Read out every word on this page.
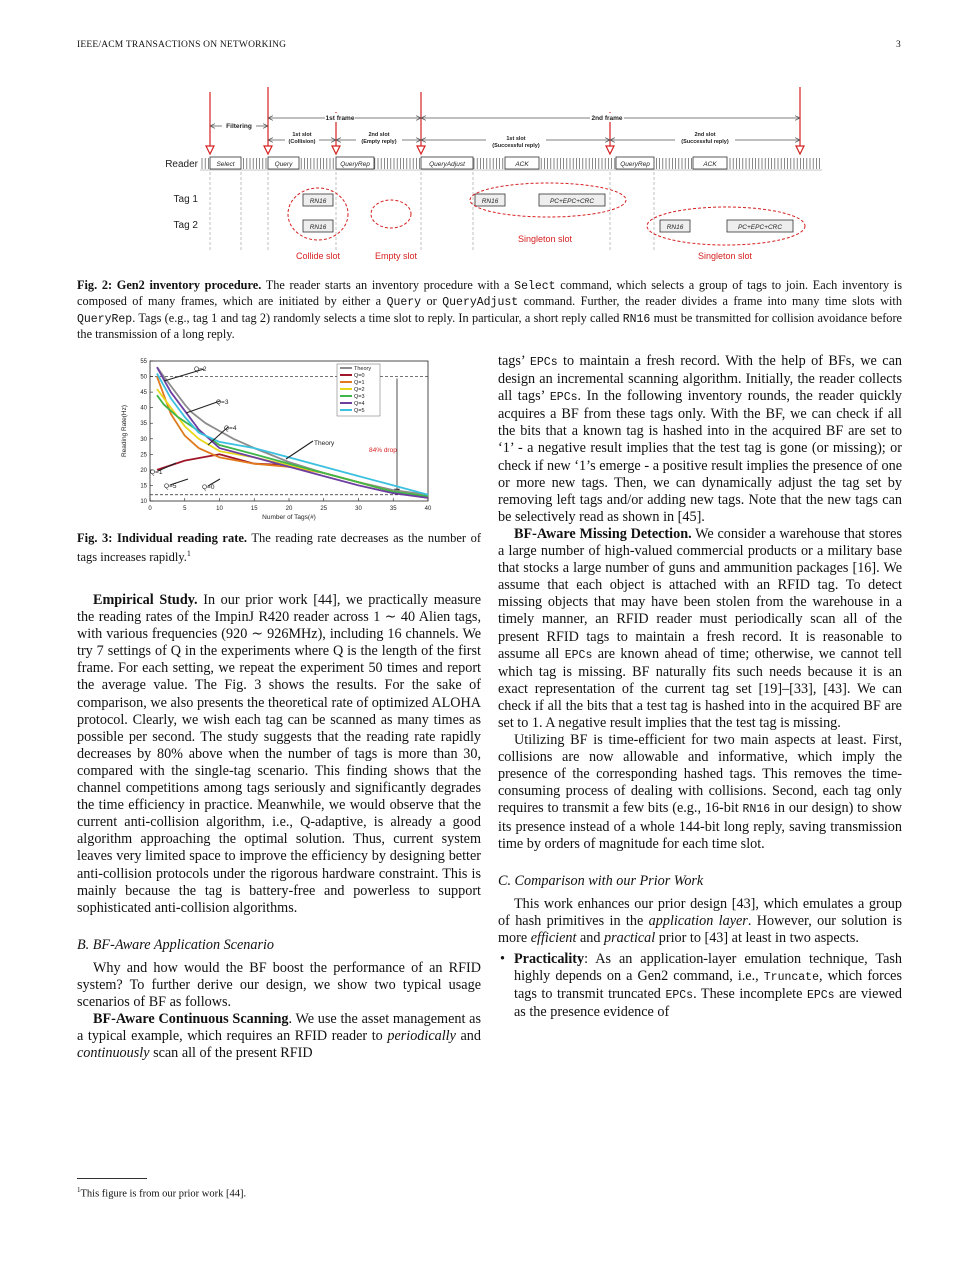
IEEE/ACM TRANSACTIONS ON NETWORKING	3
Filtering
1st frame	2nd frame
1st slot
(Collision)
2nd slot
(Empty reply)	1st slot
(Successful reply)
2nd slot
(Successful reply)
Reader
Tag 1
Tag 2
Select	Query	QueryRep	QueryAdjust	ACK	QueryRep	ACK
RN16
RN16
RN16	PC+EPC+CRC
RN16	PC+EPC+CRC
Collide slot	Empty slot
Singleton slot
Singleton slot
Fig. 2: Gen2 inventory procedure. The reader starts an inventory procedure with a Select command, which selects a group of tags to join. Each inventory is composed of many frames, which are initiated by either a Query or QueryAdjust command. Further, the reader divides a frame into many time slots with QueryRep. Tags (e.g., tag 1 and tag 2) randomly selects a time slot to reply. In particular, a short reply called RN16 must be transmitted for collision avoidance before the transmission of a long reply.
0	5	10	15	20	25	30	35	40
10
15
20
25
30
35
40
45
50
55
Number of Tags(#)
Reading Rate(Hz)
Theory
Q=0
Q=1
Q=2
Q=3
Q=4
Q=5
Q=2
Q=3
Q=4
Theory
Q=1
Q=5	Q=0
84% drop
Fig. 3: Individual reading rate. The reading rate decreases as the number of tags increases rapidly.$^1$

Empirical Study. In our prior work [44], we practically measure the reading rates of the ImpinJ R420 reader across 1 ∼ 40 Alien tags, with various frequencies (920 ∼ 926MHz), including 16 channels. We try 7 settings of Q in the experiments where Q is the length of the first frame. For each setting, we repeat the experiment 50 times and report the average value. The Fig. 3 shows the results. For the sake of comparison, we also presents the theoretical rate of optimized ALOHA protocol. Clearly, we wish each tag can be scanned as many times as possible per second. The study suggests that the reading rate rapidly decreases by 80% above when the number of tags is more than 30, compared with the single-tag scenario. This finding shows that the channel competitions among tags seriously and significantly degrades the time efficiency in practice. Meanwhile, we would observe that the current anti-collision algorithm, i.e., Q-adaptive, is already a good algorithm approaching the optimal solution. Thus, current system leaves very limited space to improve the efficiency by designing better anti-collision protocols under the rigorous hardware constraint. This is mainly because the tag is battery-free and powerless to support sophisticated anti-collision algorithms.

B. BF-Aware Application Scenario

Why and how would the BF boost the performance of an RFID system? To further derive our design, we show two typical usage scenarios of BF as follows.

BF-Aware Continuous Scanning. We use the asset management as a typical example, which requires an RFID reader to periodically and continuously scan all of the present RFID

$^1$This figure is from our prior work [44].

tags’ EPCs to maintain a fresh record. With the help of BFs, we can design an incremental scanning algorithm. Initially, the reader collects all tags’ EPCs. In the following inventory rounds, the reader quickly acquires a BF from these tags only. With the BF, we can check if all the bits that a known tag is hashed into in the acquired BF are set to ‘1’ - a negative result implies that the test tag is gone (or missing); or check if new ‘1’s emerge - a positive result implies the presence of one or more new tags. Then, we can dynamically adjust the tag set by removing left tags and/or adding new tags. Note that the new tags can be selectively read as shown in [45].

BF-Aware Missing Detection. We consider a warehouse that stores a large number of high-valued commercial products or a military base that stocks a large number of guns and ammunition packages [16]. We assume that each object is attached with an RFID tag. To detect missing objects that may have been stolen from the warehouse in a timely manner, an RFID reader must periodically scan all of the present RFID tags to maintain a fresh record. It is reasonable to assume all EPCs are known ahead of time; otherwise, we cannot tell which tag is missing. BF naturally fits such needs because it is an exact representation of the current tag set [19]–[33], [43]. We can check if all the bits that a test tag is hashed into in the acquired BF are set to 1. A negative result implies that the test tag is missing.

Utilizing BF is time-efficient for two main aspects at least. First, collisions are now allowable and informative, which imply the presence of the corresponding hashed tags. This removes the time-consuming process of dealing with collisions. Second, each tag only requires to transmit a few bits (e.g., 16-bit RN16 in our design) to show its presence instead of a whole 144-bit long reply, saving transmission time by orders of magnitude for each time slot.

C. Comparison with our Prior Work

This work enhances our prior design [43], which emulates a group of hash primitives in the application layer. However, our solution is more efficient and practical prior to [43] at least in two aspects.

• Practicality: As an application-layer emulation technique, Tash highly depends on a Gen2 command, i.e., Truncate, which forces tags to transmit truncated EPCs. These incomplete EPCs are viewed as the presence evidence of
